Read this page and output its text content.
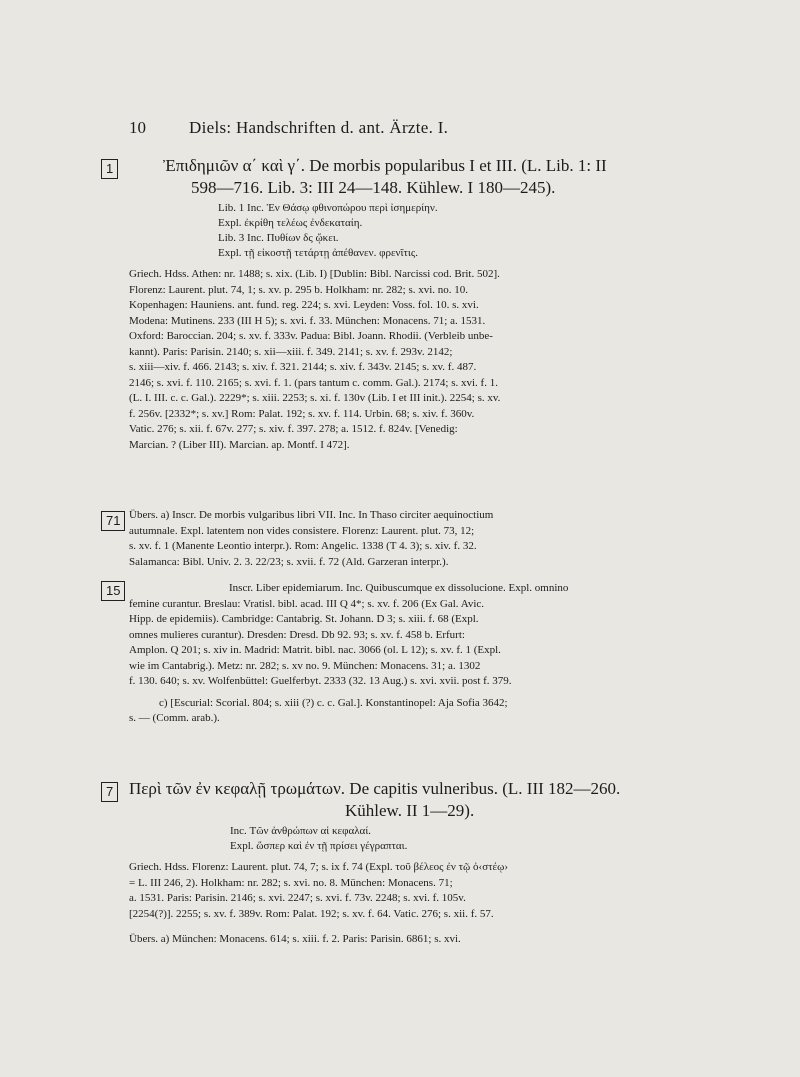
10	Diels: Handschriften d. ant. Ärzte. I.
1	Ἐπιδημιῶν α΄ καὶ γ΄. De morbis popularibus I et III. (L. Lib. 1: II
598—716. Lib. 3: III 24—148. Kühlew. I 180—245).
Lib. 1 Inc. Ἐν Θάσῳ φθινοπώρου περὶ ἰσημερίην.
Expl. ἐκρίθη τελέως ἐνδεκαταίη.
Lib. 3 Inc. Πυθίων δς ᾤκει.
Expl. τῇ εἰκοστῇ τετάρτῃ ἀπέθανεν. φρενῖτις.
Griech. Hdss. Athen: nr. 1488; s. xix. (Lib. I) [Dublin: Bibl. Narcissi cod. Brit. 502].
Florenz: Laurent. plut. 74, 1; s. xv. p. 295 b. Holkham: nr. 282; s. xvi. no. 10.
Kopenhagen: Hauniens. ant. fund. reg. 224; s. xvi. Leyden: Voss. fol. 10. s. xvi.
Modena: Mutinens. 233 (III H 5); s. xvi. f. 33. München: Monacens. 71; a. 1531.
Oxford: Baroccian. 204; s. xv. f. 333v. Padua: Bibl. Joann. Rhodii. (Verbleib unbe-
kannt). Paris: Parisin. 2140; s. xii—xiii. f. 349. 2141; s. xv. f. 293v. 2142;
s. xiii—xiv. f. 466. 2143; s. xiv. f. 321. 2144; s. xiv. f. 343v. 2145; s. xv. f. 487.
2146; s. xvi. f. 110. 2165; s. xvi. f. 1. (pars tantum c. comm. Gal.). 2174; s. xvi. f. 1.
(L. I. III. c. c. Gal.). 2229*; s. xiii. 2253; s. xi. f. 130v (Lib. I et III init.). 2254; s. xv.
f. 256v. [2332*; s. xv.] Rom: Palat. 192; s. xv. f. 114. Urbin. 68; s. xiv. f. 360v.
Vatic. 276; s. xii. f. 67v. 277; s. xiv. f. 397. 278; a. 1512. f. 824v. [Venedig:
Marcian. ? (Liber III). Marcian. ap. Montf. I 472].
71 Übers. a) Inscr. De morbis vulgaribus libri VII. Inc. In Thaso circiter aequinoctium
autumnale. Expl. latentem non vides consistere. Florenz: Laurent. plut. 73, 12;
s. xv. f. 1 (Manente Leontio interpr.). Rom: Angelic. 1338 (T 4. 3); s. xiv. f. 32.
Salamanca: Bibl. Univ. 2. 3. 22/23; s. xvii. f. 72 (Ald. Garzeran interpr.).
15	Inscr. Liber epidemiarum. Inc. Quibuscumque ex dissolucione. Expl. omnino
femine curantur. Breslau: Vratisl. bibl. acad. III Q 4*; s. xv. f. 206 (Ex Gal. Avic.
Hipp. de epidemiis). Cambridge: Cantabrig. St. Johann. D 3; s. xiii. f. 68 (Expl.
omnes mulieres curantur). Dresden: Dresd. Db 92. 93; s. xv. f. 458 b. Erfurt:
Amplon. Q 201; s. xiv in. Madrid: Matrit. bibl. nac. 3066 (ol. L 12); s. xv. f. 1 (Expl.
wie im Cantabrig.). Metz: nr. 282; s. xv no. 9. München: Monacens. 31; a. 1302
f. 130. 640; s. xv. Wolfenbüttel: Guelferbyt. 2333 (32. 13 Aug.) s. xvi. xvii. post f. 379.
c) [Escurial: Scorial. 804; s. xiii (?) c. c. Gal.]. Konstantinopel: Aja Sofia 3642;
s. — (Comm. arab.).
7 Περὶ τῶν ἐν κεφαλῇ τρωμάτων. De capitis vulneribus. (L. III 182—260.
Kühlew. II 1—29).
Inc. Τῶν ἀνθρώπων αἱ κεφαλαί.
Expl. ὥσπερ καὶ ἐν τῇ πρίσει γέγραπται.
Griech. Hdss. Florenz: Laurent. plut. 74, 7; s. ix f. 74 (Expl. τοῦ βέλεος ἐν τῷ ὀ‹στέῳ›
= L. III 246, 2). Holkham: nr. 282; s. xvi. no. 8. München: Monacens. 71;
a. 1531. Paris: Parisin. 2146; s. xvi. 2247; s. xvi. f. 73v. 2248; s. xvi. f. 105v.
[2254(?)]. 2255; s. xv. f. 389v. Rom: Palat. 192; s. xv. f. 64. Vatic. 276; s. xii. f. 57.
Übers. a) München: Monacens. 614; s. xiii. f. 2. Paris: Parisin. 6861; s. xvi.
